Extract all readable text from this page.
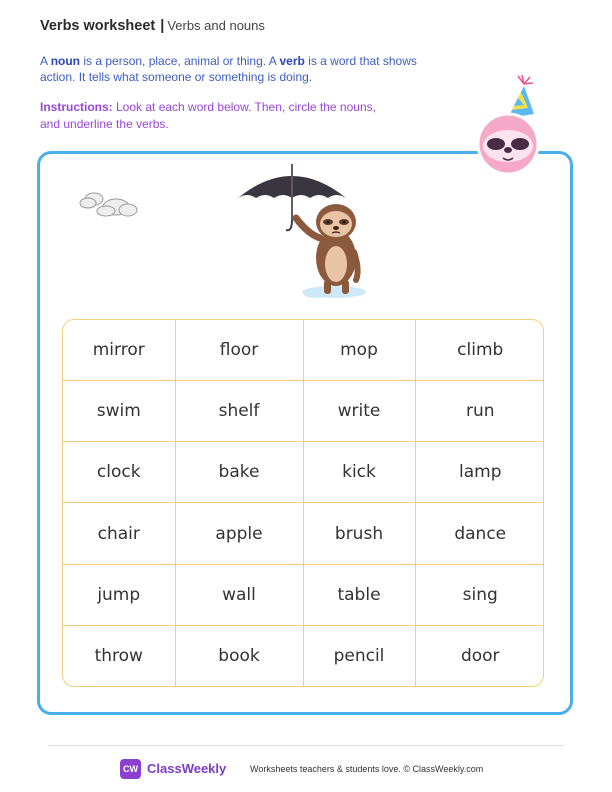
Verbs worksheet | Verbs and nouns
A noun is a person, place, animal or thing. A verb is a word that shows action. It tells what someone or something is doing.
Instructions: Look at each word below. Then, circle the nouns, and underline the verbs.
mirror	floor	mop	climb
swim	shelf	write	run
clock	bake	kick	lamp
chair	apple	brush	dance
jump	wall	table	sing
throw	book	pencil	door
CW ClassWeekly	Worksheets teachers & students love. © ClassWeekly.com
